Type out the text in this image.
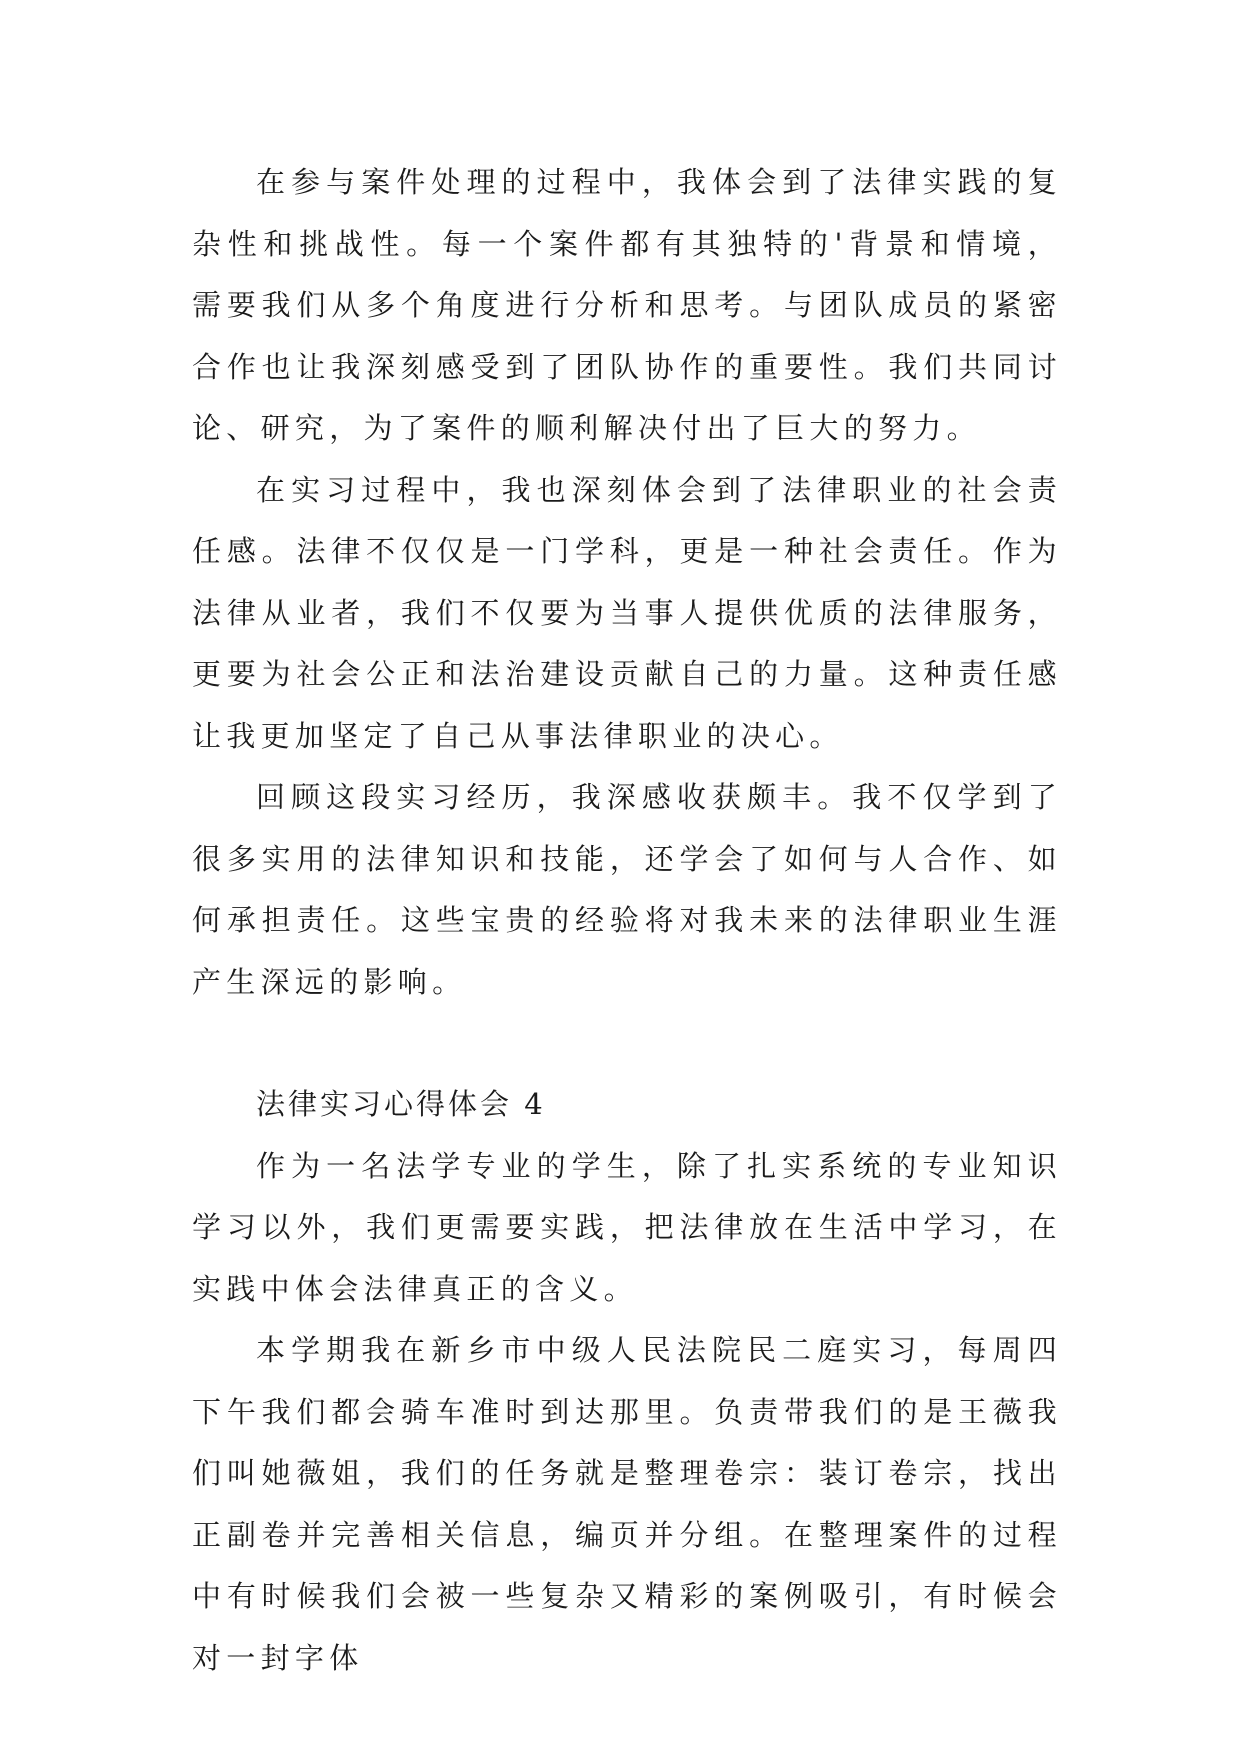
在参与案件处理的过程中，我体会到了法律实践的复杂性和挑战性。每一个案件都有其独特的'背景和情境，需要我们从多个角度进行分析和思考。与团队成员的紧密合作也让我深刻感受到了团队协作的重要性。我们共同讨论、研究，为了案件的顺利解决付出了巨大的努力。

在实习过程中，我也深刻体会到了法律职业的社会责任感。法律不仅仅是一门学科，更是一种社会责任。作为法律从业者，我们不仅要为当事人提供优质的法律服务，更要为社会公正和法治建设贡献自己的力量。这种责任感让我更加坚定了自己从事法律职业的决心。

回顾这段实习经历，我深感收获颇丰。我不仅学到了很多实用的法律知识和技能，还学会了如何与人合作、如何承担责任。这些宝贵的经验将对我未来的法律职业生涯产生深远的影响。

法律实习心得体会 4

作为一名法学专业的学生，除了扎实系统的专业知识学习以外，我们更需要实践，把法律放在生活中学习，在实践中体会法律真正的含义。

本学期我在新乡市中级人民法院民二庭实习，每周四下午我们都会骑车准时到达那里。负责带我们的是王薇我们叫她薇姐，我们的任务就是整理卷宗：装订卷宗，找出正副卷并完善相关信息，编页并分组。在整理案件的过程中有时候我们会被一些复杂又精彩的案例吸引，有时候会对一封字体
